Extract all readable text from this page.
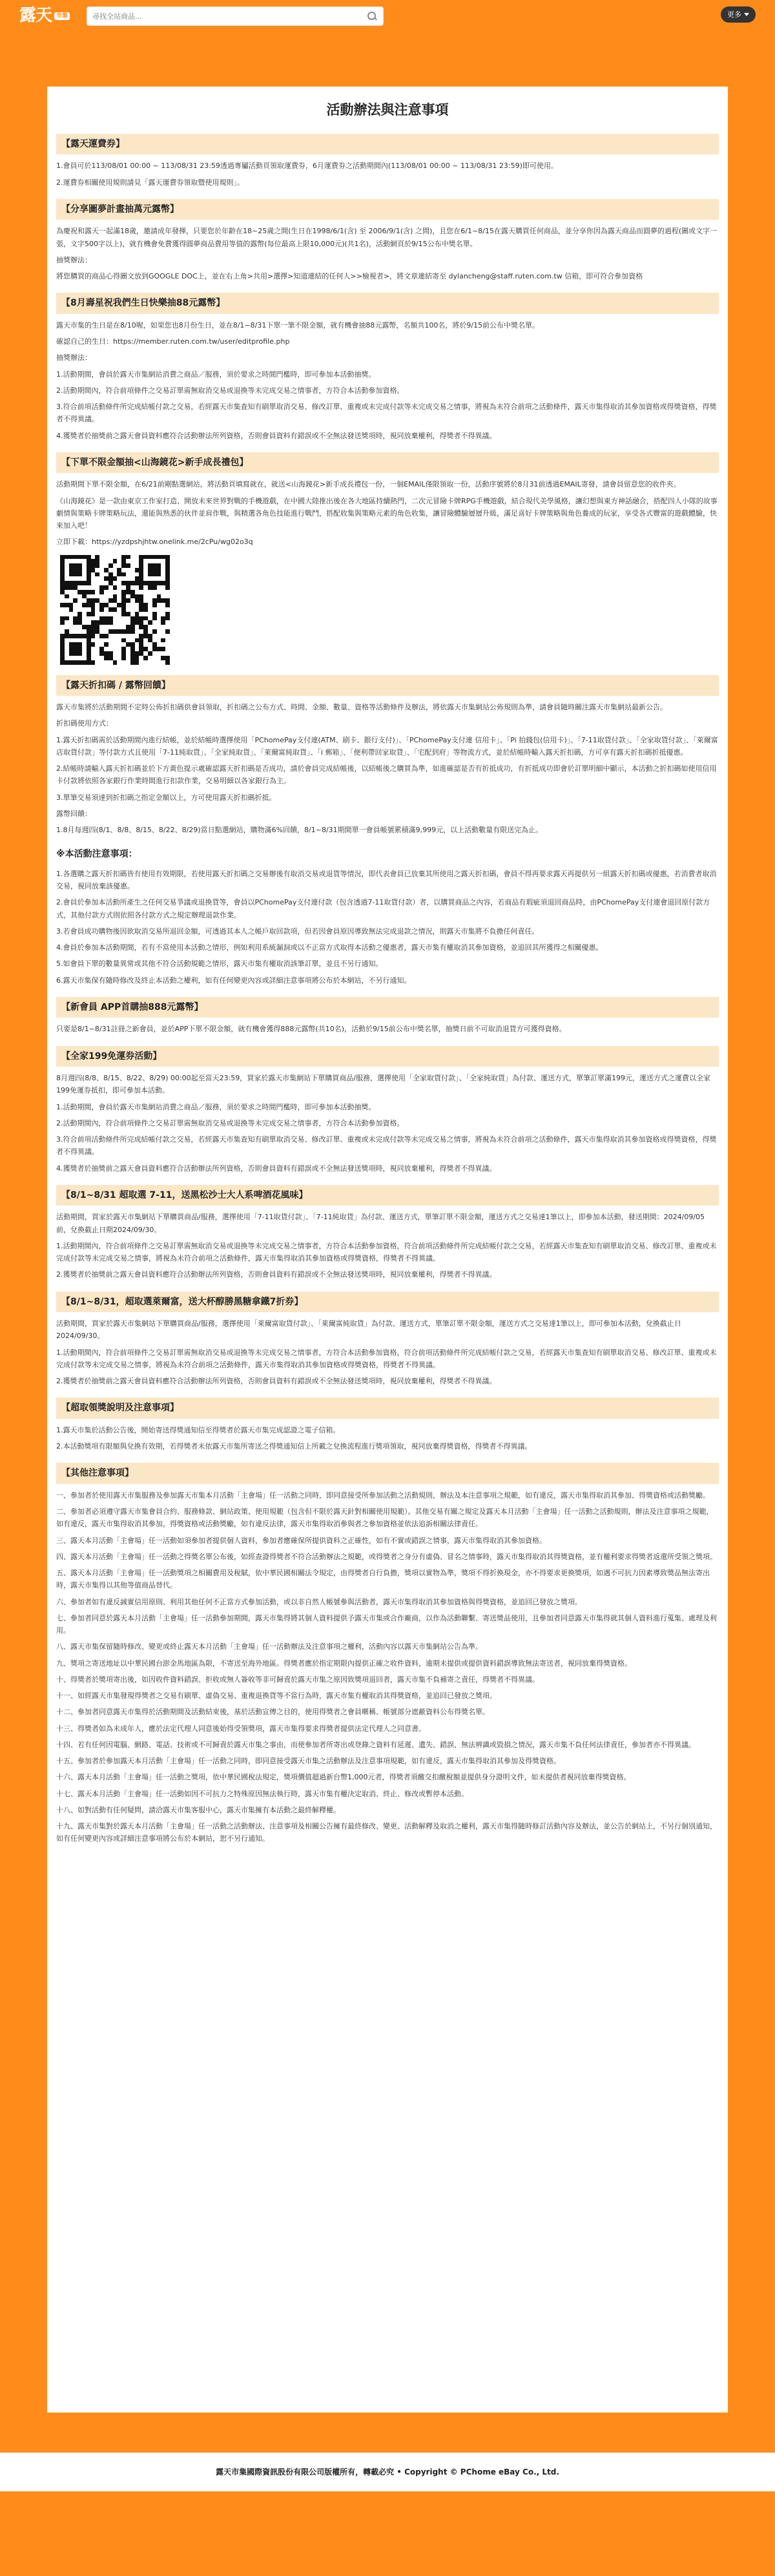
露天 市集
尋找全站商品...	更多
活動辦法與注意事項
【露天運費券】

1.會員可於113/08/01 00:00 ~ 113/08/31 23:59透過專屬活動頁領取運費券，6月運費券之活動期間內(113/08/01 00:00 ~ 113/08/31 23:59)即可使用。

2.運費券相關使用規則請見「露天運費券領取暨使用規則」。

【分享圖夢計畫抽萬元露幣】

為慶祝和露天一起滿18歲，邀請成年發揮，只要您於年齡在18~25歲之間(生日在1998/6/1(含) 至 2006/9/1(含) 之間)，且您在6/1~8/15在露天購買任何商品，並分享你因為露天商品而圓夢的過程(圖或文字一張，文字500字以上)，就有機會免費獲得圓夢商品費用等值的露幣(每位最高上限10,000元)(共1名)，活動網頁於9/15公布中獎名單。

抽獎辦法：

將您購買的商品心得圖文放到GOOGLE DOC上，並在右上角>共用>選擇>知道連結的任何人>>檢視者>，將文章連結寄至 dylancheng@staff.ruten.com.tw 信箱，即可符合參加資格

【8月壽星祝我們生日快樂抽88元露幣】

露天市集的生日是在8/10喔，如果您也8月份生日，並在8/1~8/31下單一筆不限金額，就有機會抽88元露幣，名額共100名，將於9/15前公布中獎名單。

確認自己的生日：https://member.ruten.com.tw/user/editprofile.php

抽獎辦法：

1.活動期間，會員於露天市集網站消費之商品／服務，須於要求之時間門檻時，即可參加本活動抽獎。

2.活動期間內，符合前項條件之交易訂單需無取消交易或退換等未完成交易之情事者，方符合本活動參加資格。

3.符合前項活動條件所完成結帳付款之交易，若經露天市集查知有刷單取消交易、修改訂單、重複或未完成付款等未完成交易之情事，將視為未符合前項之活動條件，露天市集得取消其參加資格或得獎資格，得獎者不得異議。

4.獲獎者於抽獎前之露天會員資料應符合活動辦法所列資格，否則會員資料有錯誤或不全無法發送獎項時，視同放棄權利，得獎者不得異議。

【下單不限金額抽<山海鏡花>新手成長禮包】

活動期間下單不限金額，在6/21前剛點選網站，將活動頁填寫就在，就送<山海鏡花>新手成長禮包一份，一個EMAIL僅限領取一份，活動序號將於8月31前透過EMAIL寄發，請會員留意您的收件夾。

《山海鏡花》是一款由東京工作室打造、開放未來世界對戰的手機遊戲，在中國大陸推出後在各大地區持續熱門，二次元冒險卡牌RPG手機遊戲，結合現代美學風格，讓幻想與東方神話融合，搭配四人小隊的故事劇情與策略卡牌策略玩法，還能與熟悉的伙伴並肩作戰，與精選各角色技能進行戰鬥，搭配收集與策略元素的角色收集，讓冒險體驗層層升級，滿足喜好卡牌策略與角色養成的玩家，享受各式豐富的遊戲體驗，快來加入吧！

立即下載：https://yzdpshjhtw.onelink.me/2cPu/wg02o3q

【露天折扣碼 / 露幣回饋】

露天市集將於活動期間不定時公佈折扣碼供會員領取，折扣碼之公布方式、時間、金額、數量、資格等活動條件及辦法，將依露天市集網站公佈規則為準，請會員隨時關注露天市集網站最新公告。

折扣碼使用方式：

1.露天折扣碼需於活動期間內進行結帳，並於結帳時選擇使用「PChomePay支付連(ATM、刷卡、銀行支付)」、「PChomePay支付連 信用卡」、「Pi 拍錢包(信用卡)」、「7-11取貨付款」、「全家取貨付款」、「萊爾富店取貨付款」等付款方式且使用「7-11純取貨」、「全家純取貨」、「萊爾富純取貨」、「i 郵箱」、「便利帶回家取貨」、「宅配到府」等物流方式，並於結帳時輸入露天折扣碼，方可享有露天折扣碼折抵優惠。

2.結帳時請輸入露天折扣碼並於下方黃色提示處確認露天折扣碼是否成功，請於會員完成結帳後，以結帳後之購買為準，如進確認是否有折抵成功，有折抵成功即會於訂單明細中顯示，本活動之折扣碼如使用信用卡付款將依照各家銀行作業時間進行扣款作業，交易明細以各家銀行為主。

3.單筆交易須達到折扣碼之指定金額以上，方可使用露天折扣碼折抵。

露幣回饋：

1.8月每週四(8/1、8/8、8/15、8/22、8/29)當日點選網站，購物滿6%回饋，8/1~8/31期間單一會員帳號累積滿9,999元，以上活動數量有限送完為止。

※本活動注意事項：

1.各選購之露天折扣碼皆有使用有效期限，若使用露天折扣碼之交易辦後有取消交易或退貨等情況，即代表會員已放棄其所使用之露天折扣碼，會員不得再要求露天再提供另一組露天折扣碼或優惠，若消費者取消交易，視同放棄該優惠。

2.會員於參加本活動所產生之任何交易爭議或退換貨等，會員以PChomePay支付連付款（包含透過7-11取貨付款）者，以購買商品之內容，若商品有瑕疵須退回商品時，由PChomePay支付連會退回原付款方式，其他付款方式則依照各付款方式之規定辦理退款作業。

3.若會員成功購物後因欲取消交易所退回金額，可透過其本人之帳戶取回款項，但若因會員原因導致無法完成退款之情況，則露天市集將不負擔任何責任。

4.會員於參加本活動期間，若有不當使用本活動之情形，例如利用系統漏洞或以不正當方式取得本活動之優惠者，露天市集有權取消其參加資格，並追回其所獲得之相關優惠。

5.如會員下單的數量異常或其他不符合活動規範之情形，露天市集有權取消該筆訂單，並且不另行通知。

6.露天市集保有隨時修改及終止本活動之權利，如有任何變更內容或詳細注意事項將公布於本網站，不另行通知。

【新會員 APP首購抽888元露幣】

只要是8/1~8/31註冊之新會員，並於APP下單不限金額，就有機會獲得888元露幣(共10名)，活動於9/15前公布中獎名單，抽獎日前不可取消退貨方可獲得資格。

【全家199免運券活動】

8月週四(8/8、8/15、8/22、8/29) 00:00起至當天23:59，買家於露天市集網站下單購買商品/服務，選擇使用「全家取貨付款」、「全家純取貨」為付款、運送方式，單筆訂單滿199元，運送方式之運費以全家199免運券抵扣，即可參加本活動。

1.活動期間，會員於露天市集網站消費之商品／服務，須於要求之時間門檻時，即可參加本活動抽獎。

2.活動期間內，符合前項條件之交易訂單需無取消交易或退換等未完成交易之情事者，方符合本活動參加資格。

3.符合前項活動條件所完成結帳付款之交易，若經露天市集查知有刷單取消交易、修改訂單、重複或未完成付款等未完成交易之情事，將視為未符合前項之活動條件，露天市集得取消其參加資格或得獎資格，得獎者不得異議。

4.獲獎者於抽獎前之露天會員資料應符合活動辦法所列資格，否則會員資料有錯誤或不全無法發送獎項時，視同放棄權利，得獎者不得異議。

【8/1~8/31 超取選 7-11，送黑松沙士大人系啤酒花風味】

活動期間，買家於露天市集網站下單購買商品/服務，選擇使用「7-11取貨付款」、「7-11純取貨」為付款、運送方式，單筆訂單不限金額，運送方式之交易達1筆以上，即參加本活動，發送期間：2024/09/05前，兌換截止日期2024/09/30。

1.活動期間內，符合前項條件之交易訂單需無取消交易或退換等未完成交易之情事者，方符合本活動參加資格，符合前項活動條件所完成結帳付款之交易，若經露天市集查知有刷單取消交易、修改訂單、重複或未完成付款等未完成交易之情事，將視為未符合前項之活動條件，露天市集得取消其參加資格或得獎資格，得獎者不得異議。

2.獲獎者於抽獎前之露天會員資料應符合活動辦法所列資格，否則會員資料有錯誤或不全無法發送獎項時，視同放棄權利，得獎者不得異議。

【8/1~8/31，超取選萊爾富，送大杯醇勝黑糖拿鐵7折券】

活動期間，買家於露天市集網站下單購買商品/服務，選擇使用「萊爾富取貨付款」、「萊爾富純取貨」為付款、運送方式，單筆訂單不限金額，運送方式之交易達1筆以上，即可參加本活動，兌換截止日2024/09/30。

1.活動期間內，符合前項條件之交易訂單需無取消交易或退換等未完成交易之情事者，方符合本活動參加資格，符合前項活動條件所完成結帳付款之交易，若經露天市集查知有刷單取消交易、修改訂單、重複或未完成付款等未完成交易之情事，將視為未符合前項之活動條件，露天市集得取消其參加資格或得獎資格，得獎者不得異議。

2.獲獎者於抽獎前之露天會員資料應符合活動辦法所列資格，否則會員資料有錯誤或不全無法發送獎項時，視同放棄權利，得獎者不得異議。

【超取領獎說明及注意事項】

1.露天市集於活動公告後，開始寄送得獎通知信至得獎者於露天市集完成認證之電子信箱。

2.本活動獎項有限額與兌換有效期，若得獎者未依露天市集所寄送之得獎通知信上所載之兌換流程進行獎項領取，視同放棄得獎資格，得獎者不得異議。

【其他注意事項】

一、參加者於使用露天市集服務及參加露天市集本月活動「主會場」任一活動之同時，即同意接受所參加活動之活動規則，辦法及本注意事項之規範，如有違反，露天市集得取消其參加、得獎資格或活動獎勵。

二、參加者必須遵守露天市集會員合約、服務條款、網站政策、使用規範（包含但不限於露天針對相關使用規範）。其他交易有關之規定及露天本月活動「主會場」任一活動之活動規則，辦法及注意事項之規範，如有違反，露天市集得取消其參加，得獎資格或活動獎勵，如有違反法律，露天市集得取消參與者之參加資格並依法追訴相關法律責任。

三、露天本月活動「主會場」任一活動如須參加者提供個人資料，參加者應確保所提供資料之正確性，如有不實或錯誤之情事，露天市集得取消其參加資格。

四、露天本月活動「主會場」任一活動之得獎名單公布後，如經查證得獎者不符合活動辦法之規範，或得獎者之身分有虛偽、冒名之情事時，露天市集得取消其得獎資格，並有權利要求得獎者返還所受領之獎項。

五、露天本月活動「主會場」任一活動獎項之相關費用及稅賦，依中華民國相關法令規定，由得獎者自行負擔，獎項以實物為準，獎項不得折換現金，亦不得要求更換獎項，如遇不可抗力因素導致獎品無法寄出時，露天市集得以其他等值商品替代。

六、參加者如有違反誠實信用原則、利用其他任何不正當方式參加活動，或以非自然人帳號參與活動者，露天市集得取消其參加資格與得獎資格，並追回已發放之獎項。

七、參加者同意於露天本月活動「主會場」任一活動參加期間，露天市集得將其個人資料提供予露天市集或合作廠商，以作為活動聯繫、寄送獎品使用，且參加者同意露天市集得就其個人資料進行蒐集、處理及利用。

八、露天市集保留隨時修改、變更或終止露天本月活動「主會場」任一活動辦法及注意事項之權利，活動內容以露天市集網站公告為準。

九、獎項之寄送地址以中華民國台澎金馬地區為限，不寄送至海外地區。得獎者應於指定期限內提供正確之收件資料，逾期未提供或提供資料錯誤導致無法寄送者，視同放棄得獎資格。

十、得獎者於獎項寄出後，如因收件資料錯誤、拒收或無人簽收等非可歸責於露天市集之原因致獎項退回者，露天市集不負補寄之責任，得獎者不得異議。

十一、如經露天市集發現得獎者之交易有刷單、虛偽交易、重複退換貨等不當行為時，露天市集有權取消其得獎資格，並追回已發放之獎項。

十二、參加者同意露天市集得於活動期間及活動結束後，基於活動宣傳之目的，使用得獎者之會員暱稱、帳號部分遮蔽資料公布得獎名單。

十三、得獎者如為未成年人，應於法定代理人同意後始得受領獎項，露天市集得要求得獎者提供法定代理人之同意書。

十四、若有任何因電腦、網路、電話、技術或不可歸責於露天市集之事由，而使參加者所寄出或登錄之資料有延遲、遺失、錯誤、無法辨識或毀損之情況，露天市集不負任何法律責任，參加者亦不得異議。

十五、參加者於參加露天本月活動「主會場」任一活動之同時，即同意接受露天市集之活動辦法及注意事項規範，如有違反，露天市集得取消其參加及得獎資格。

十六、露天本月活動「主會場」任一活動之獎項，依中華民國稅法規定，獎項價值超過新台幣1,000元者，得獎者須繳交扣繳稅額並提供身分證明文件，如未提供者視同放棄得獎資格。

十七、露天本月活動「主會場」任一活動如因不可抗力之特殊原因無法執行時，露天市集有權決定取消、終止、修改或暫停本活動。

十八、如對活動有任何疑問，請洽露天市集客服中心，露天市集擁有本活動之最終解釋權。

十九、露天市集對於露天本月活動「主會場」任一活動之活動辦法、注意事項及相關公告擁有最終修改、變更、活動解釋及取消之權利，露天市集得隨時修訂活動內容及辦法，並公告於網站上，不另行個別通知，如有任何變更內容或詳細注意事項將公布於本網站，恕不另行通知。

露天市集國際資訊股份有限公司版權所有，轉載必究 • Copyright © PChome eBay Co., Ltd.
